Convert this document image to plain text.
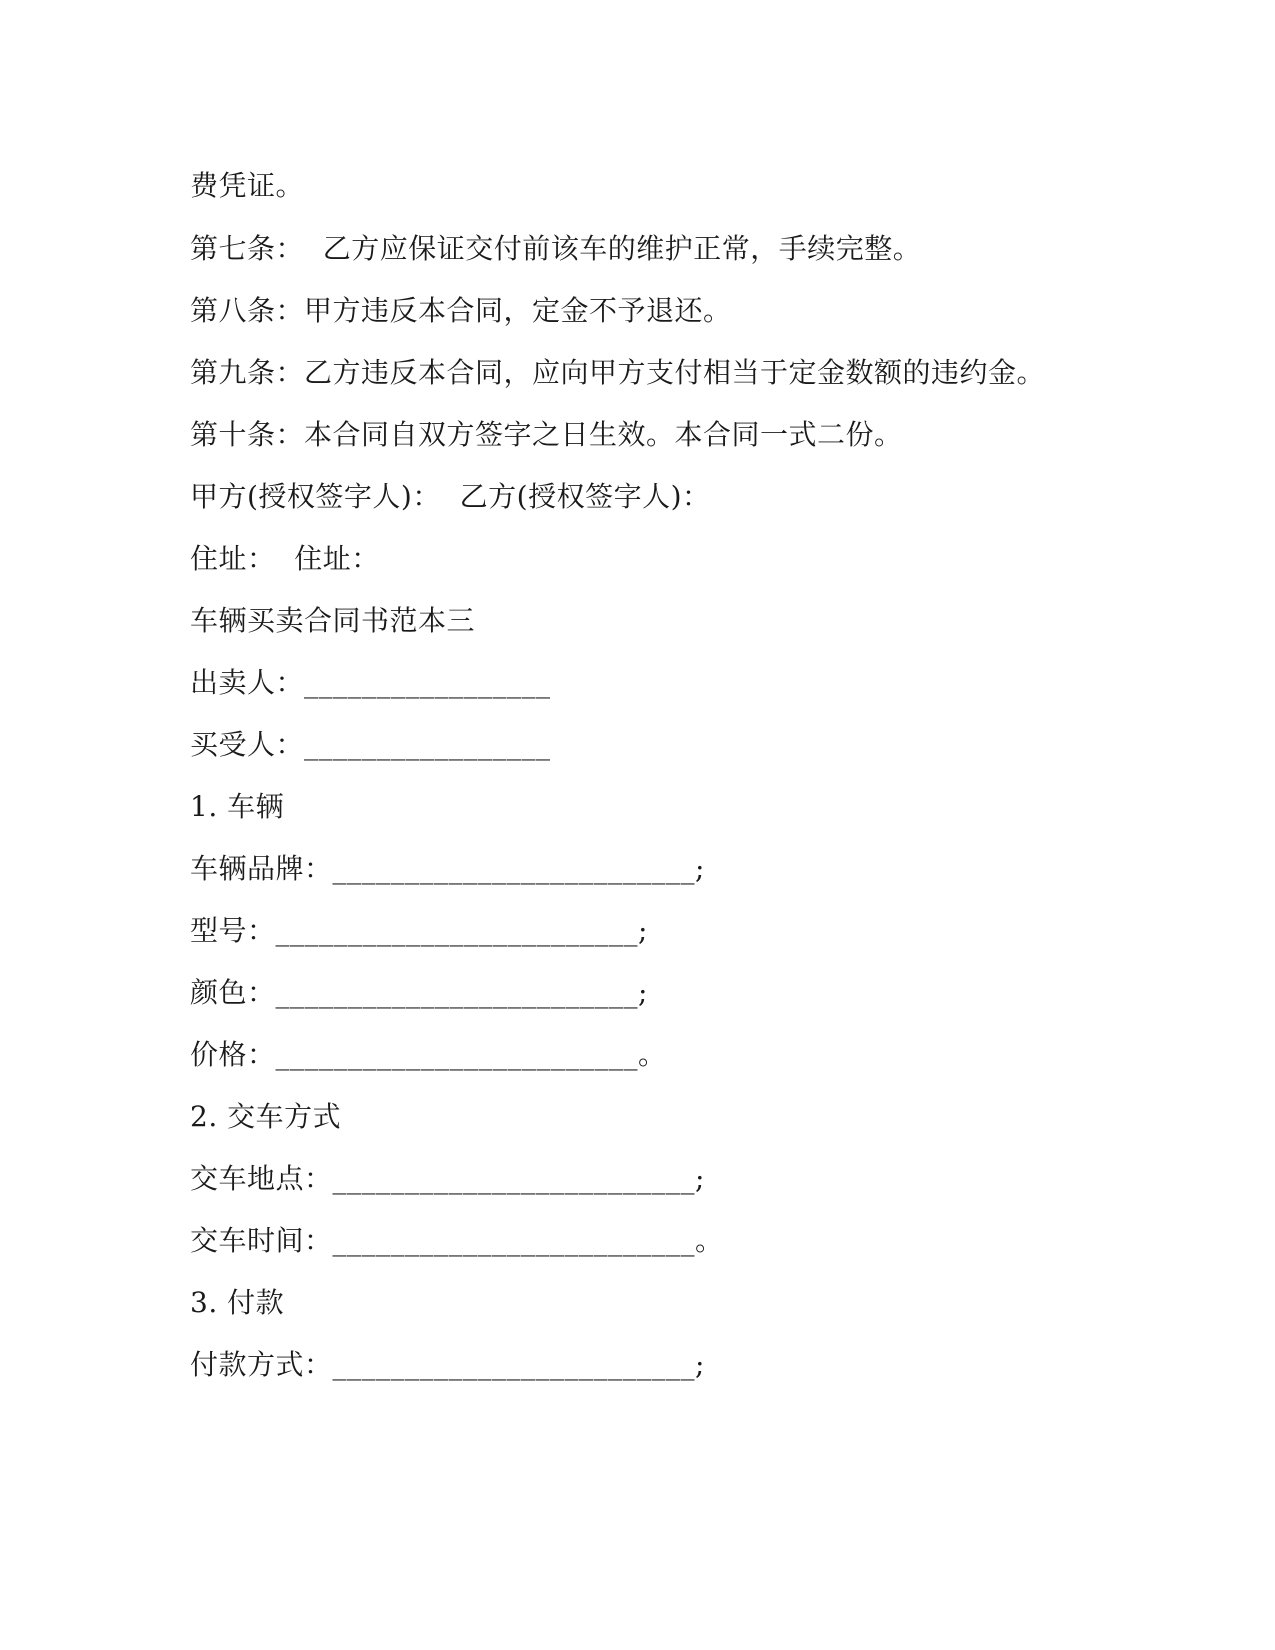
费凭证。
第七条：  乙方应保证交付前该车的维护正常，手续完整。
第八条：甲方违反本合同，定金不予退还。
第九条：乙方违反本合同，应向甲方支付相当于定金数额的违约金。
第十条：本合同自双方签字之日生效。本合同一式二份。
甲方(授权签字人)：  乙方(授权签字人)：
住址：  住址：
车辆买卖合同书范本三
出卖人：_________________
买受人：_________________
1. 车辆
车辆品牌：_________________________;
型号：_________________________;
颜色：_________________________;
价格：_________________________。
2. 交车方式
交车地点：_________________________;
交车时间：_________________________。
3. 付款
付款方式：_________________________;
